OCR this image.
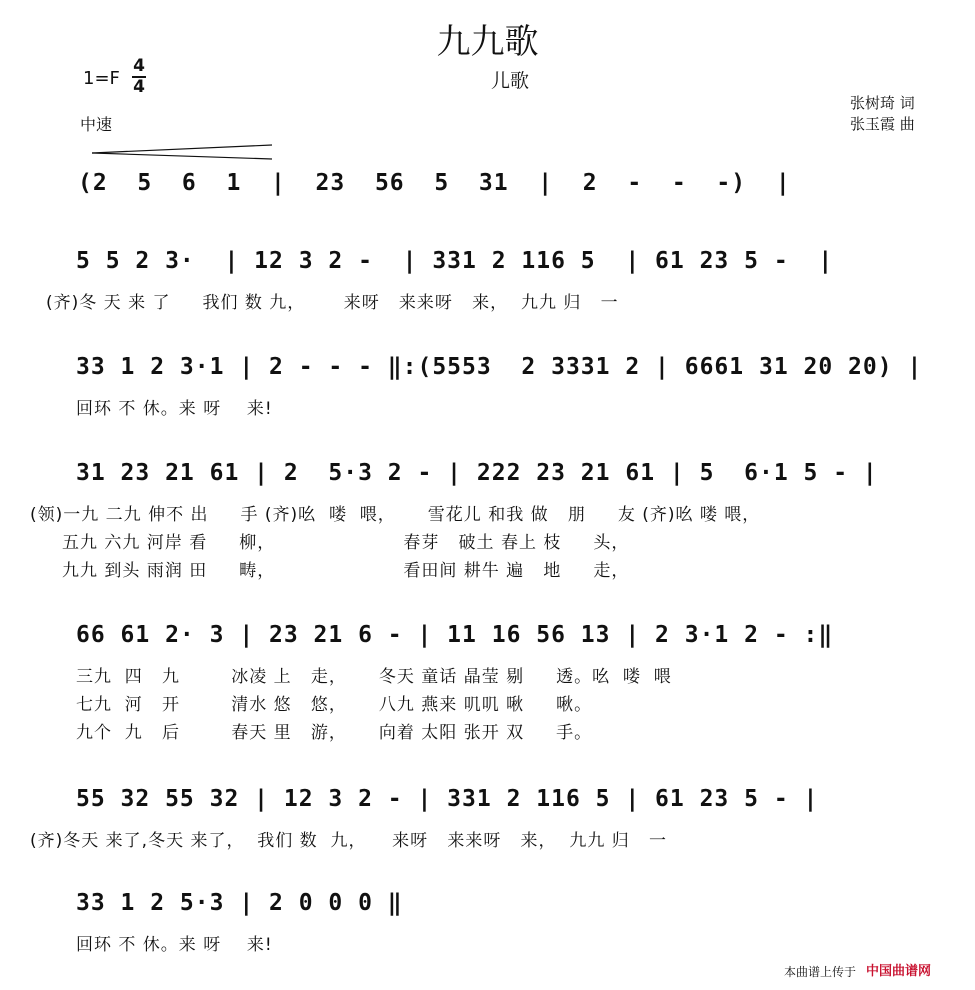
九九歌
儿歌
1=F
4
4
中速
张树琦 词
张玉霞 曲
(2  5  6  1  |  23  56  5  31  |  2  -  -  -)  |
5 5 2 3·  | 12 3 2 -  | 331 2 116 5  | 61 23 5 -  |
(齐)冬 天 来 了     我们 数 九，      来呀   来来呀   来，  九九 归   一
33 1 2 3·1 | 2 - - - ‖:(5553  2 3331 2 | 6661 31 20 20) |
回环 不 休。来 呀    来!
31 23 21 61 | 2  5·3 2 - | 222 23 21 61 | 5  6·1 5 - |
(领)一九 二九 伸不 出     手 (齐)吆  喽  喂，     雪花儿 和我 做   朋     友 (齐)吆 喽 喂，
五九 六九 河岸 看     柳，                    春芽   破土 春上 枝     头，
九九 到头 雨润 田     畴，                    看田间 耕牛 遍   地     走，
66 61 2· 3 | 23 21 6 - | 11 16 56 13 | 2 3·1 2 - :‖
三九  四   九        冰凌 上   走，     冬天 童话 晶莹 剔     透。吆  喽  喂
七九  河   开        清水 悠   悠，     八九 燕来 叽叽 啾     啾。
九个  九   后        春天 里   游，     向着 太阳 张开 双     手。
55 32 55 32 | 12 3 2 - | 331 2 116 5 | 61 23 5 - |
(齐)冬天 来了,冬天 来了，  我们 数  九，    来呀   来来呀   来，  九九 归   一
33 1 2 5·3 | 2 0 0 0 ‖
回环 不 休。来 呀    来!
本曲谱上传于 中国曲谱网
